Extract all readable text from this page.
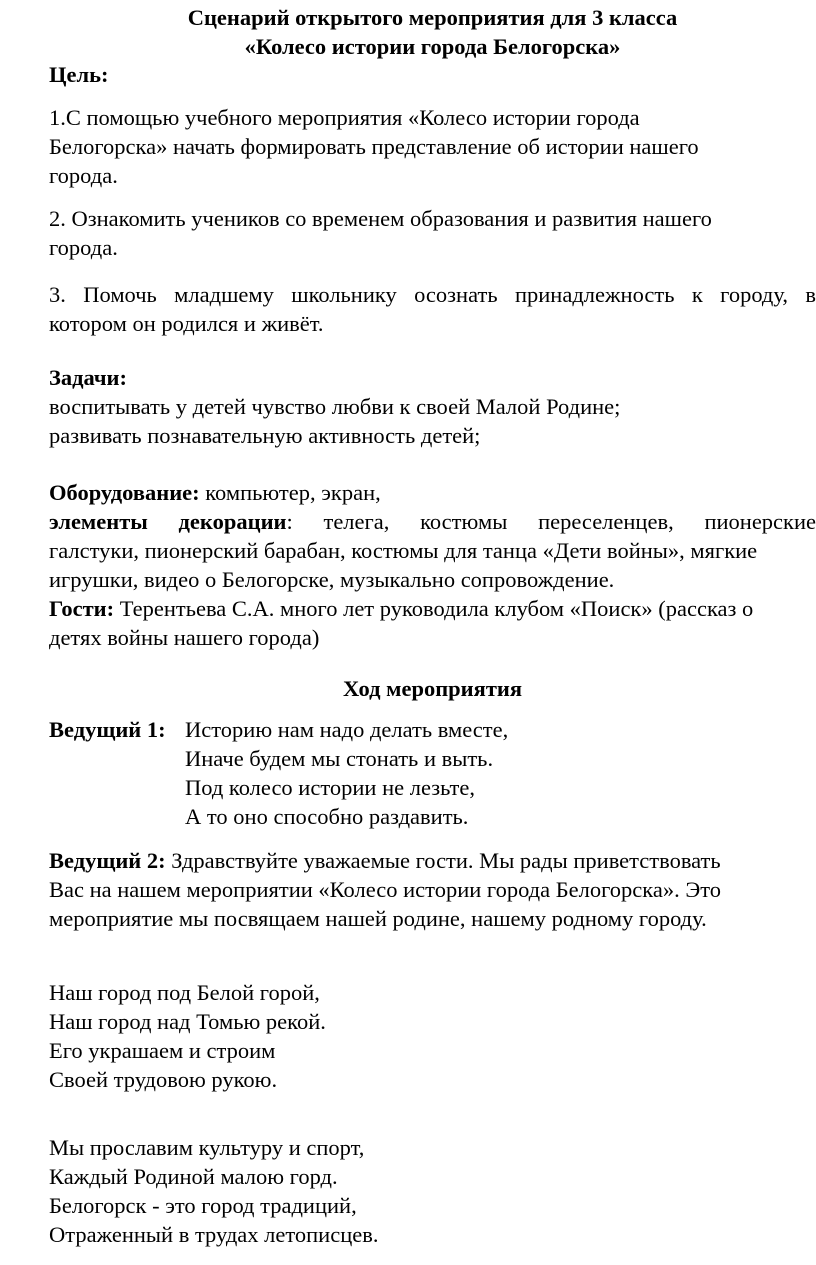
Сценарий открытого мероприятия для 3 класса

«Колесо истории города Белогорска»

Цель:

1.С помощью учебного мероприятия «Колесо истории города

Белогорска» начать формировать представление об истории нашего

города.

2. Ознакомить учеников со временем образования и развития нашего

города.

3. Помочь младшему школьнику осознать принадлежность к городу, в

котором он родился и живёт.

Задачи:

воспитывать у детей чувство любви к своей Малой Родине;

развивать познавательную активность детей;

Оборудование: компьютер, экран,

элементы декорации: телега, костюмы переселенцев, пионерские

галстуки, пионерский барабан, костюмы для танца «Дети войны», мягкие

игрушки, видео о Белогорске, музыкально сопровождение.

Гости: Терентьева С.А. много лет руководила клубом «Поиск» (рассказ о

детях войны нашего города)

Ход мероприятия

Ведущий 1: Историю нам надо делать вместе,

Иначе будем мы стонать и выть.

Под колесо истории не лезьте,

А то оно способно раздавить.

Ведущий 2: Здравствуйте уважаемые гости. Мы рады приветствовать

Вас на нашем мероприятии «Колесо истории города Белогорска». Это

мероприятие мы посвящаем нашей родине, нашему родному городу.

Наш город под Белой горой,

Наш город над Томью рекой.

Его украшаем и строим

Своей трудовою рукою.

Мы прославим культуру и спорт,

Каждый Родиной малою горд.

Белогорск - это город традиций,

Отраженный в трудах летописцев.
